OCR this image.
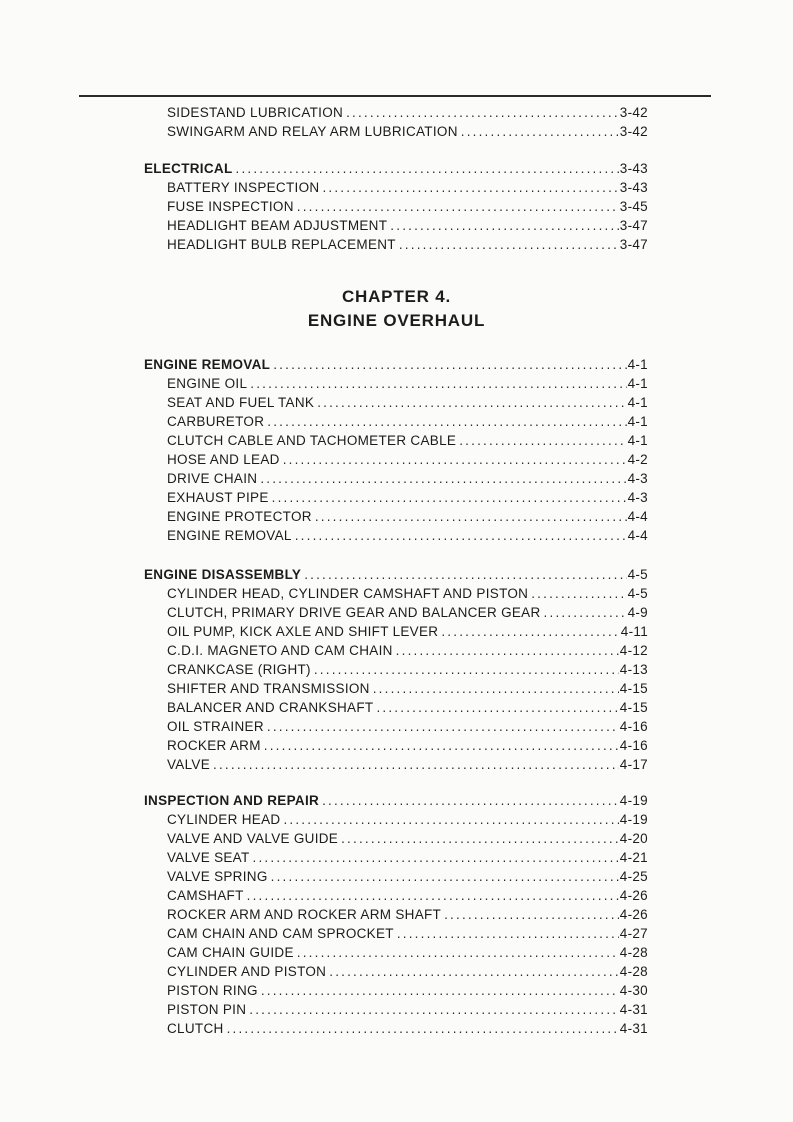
SIDESTAND LUBRICATION .....	3-42
SWINGARM AND RELAY ARM LUBRICATION .....	3-42
ELECTRICAL .....	3-43
BATTERY INSPECTION .....	3-43
FUSE INSPECTION .....	3-45
HEADLIGHT BEAM ADJUSTMENT .....	3-47
HEADLIGHT BULB REPLACEMENT .....	3-47
CHAPTER 4.
ENGINE OVERHAUL
ENGINE REMOVAL .....	4-1
ENGINE OIL .....	4-1
SEAT AND FUEL TANK .....	4-1
CARBURETOR .....	4-1
CLUTCH CABLE AND TACHOMETER CABLE .....	4-1
HOSE AND LEAD .....	4-2
DRIVE CHAIN .....	4-3
EXHAUST PIPE .....	4-3
ENGINE PROTECTOR .....	4-4
ENGINE REMOVAL .....	4-4
ENGINE DISASSEMBLY .....	4-5
CYLINDER HEAD, CYLINDER CAMSHAFT AND PISTON .....	4-5
CLUTCH, PRIMARY DRIVE GEAR AND BALANCER GEAR .....	4-9
OIL PUMP, KICK AXLE AND SHIFT LEVER .....	4-11
C.D.I. MAGNETO AND CAM CHAIN .....	4-12
CRANKCASE (RIGHT) .....	4-13
SHIFTER AND TRANSMISSION .....	4-15
BALANCER AND CRANKSHAFT .....	4-15
OIL STRAINER .....	4-16
ROCKER ARM .....	4-16
VALVE .....	4-17
INSPECTION AND REPAIR .....	4-19
CYLINDER HEAD .....	4-19
VALVE AND VALVE GUIDE .....	4-20
VALVE SEAT .....	4-21
VALVE SPRING .....	4-25
CAMSHAFT .....	4-26
ROCKER ARM AND ROCKER ARM SHAFT .....	4-26
CAM CHAIN AND CAM SPROCKET .....	4-27
CAM CHAIN GUIDE .....	4-28
CYLINDER AND PISTON .....	4-28
PISTON RING .....	4-30
PISTON PIN .....	4-31
CLUTCH .....	4-31
